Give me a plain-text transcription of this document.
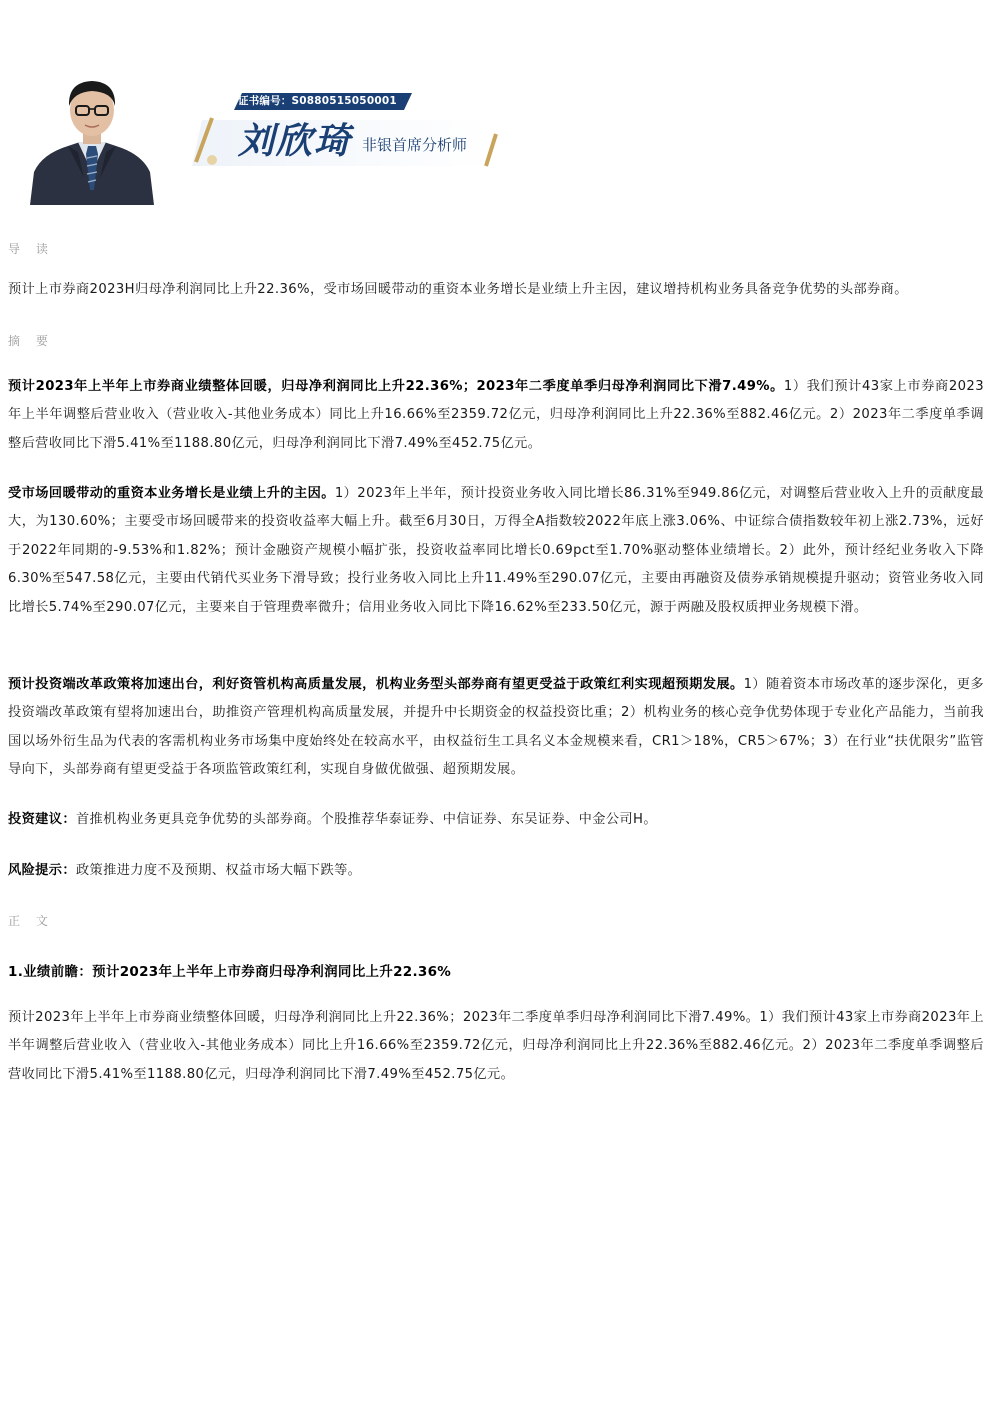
证书编号：S0880515050001
刘欣琦 非银首席分析师
导 读
预计上市券商2023H归母净利润同比上升22.36%，受市场回暖带动的重资本业务增长是业绩上升主因，建议增持机构业务具备竞争优势的头部券商。
摘 要
预计2023年上半年上市券商业绩整体回暖，归母净利润同比上升22.36%；2023年二季度单季归母净利润同比下滑7.49%。1）我们预计43家上市券商2023年上半年调整后营业收入（营业收入-其他业务成本）同比上升16.66%至2359.72亿元，归母净利润同比上升22.36%至882.46亿元。2）2023年二季度单季调整后营收同比下滑5.41%至1188.80亿元，归母净利润同比下滑7.49%至452.75亿元。
受市场回暖带动的重资本业务增长是业绩上升的主因。1）2023年上半年，预计投资业务收入同比增长86.31%至949.86亿元，对调整后营业收入上升的贡献度最大，为130.60%；主要受市场回暖带来的投资收益率大幅上升。截至6月30日，万得全A指数较2022年底上涨3.06%、中证综合债指数较年初上涨2.73%，远好于2022年同期的-9.53%和1.82%；预计金融资产规模小幅扩张，投资收益率同比增长0.69pct至1.70%驱动整体业绩增长。2）此外，预计经纪业务收入下降6.30%至547.58亿元，主要由代销代买业务下滑导致；投行业务收入同比上升11.49%至290.07亿元，主要由再融资及债券承销规模提升驱动；资管业务收入同比增长5.74%至290.07亿元，主要来自于管理费率微升；信用业务收入同比下降16.62%至233.50亿元，源于两融及股权质押业务规模下滑。
预计投资端改革政策将加速出台，利好资管机构高质量发展，机构业务型头部券商有望更受益于政策红利实现超预期发展。1）随着资本市场改革的逐步深化，更多投资端改革政策有望将加速出台，助推资产管理机构高质量发展，并提升中长期资金的权益投资比重；2）机构业务的核心竞争优势体现于专业化产品能力，当前我国以场外衍生品为代表的客需机构业务市场集中度始终处在较高水平，由权益衍生工具名义本金规模来看，CR1＞18%，CR5＞67%；3）在行业“扶优限劣”监管导向下，头部券商有望更受益于各项监管政策红利，实现自身做优做强、超预期发展。
投资建议：首推机构业务更具竞争优势的头部券商。个股推荐华泰证券、中信证券、东吴证券、中金公司H。
风险提示：政策推进力度不及预期、权益市场大幅下跌等。
正 文
1.业绩前瞻：预计2023年上半年上市券商归母净利润同比上升22.36%
预计2023年上半年上市券商业绩整体回暖，归母净利润同比上升22.36%；2023年二季度单季归母净利润同比下滑7.49%。1）我们预计43家上市券商2023年上半年调整后营业收入（营业收入-其他业务成本）同比上升16.66%至2359.72亿元，归母净利润同比上升22.36%至882.46亿元。2）2023年二季度单季调整后营收同比下滑5.41%至1188.80亿元，归母净利润同比下滑7.49%至452.75亿元。
